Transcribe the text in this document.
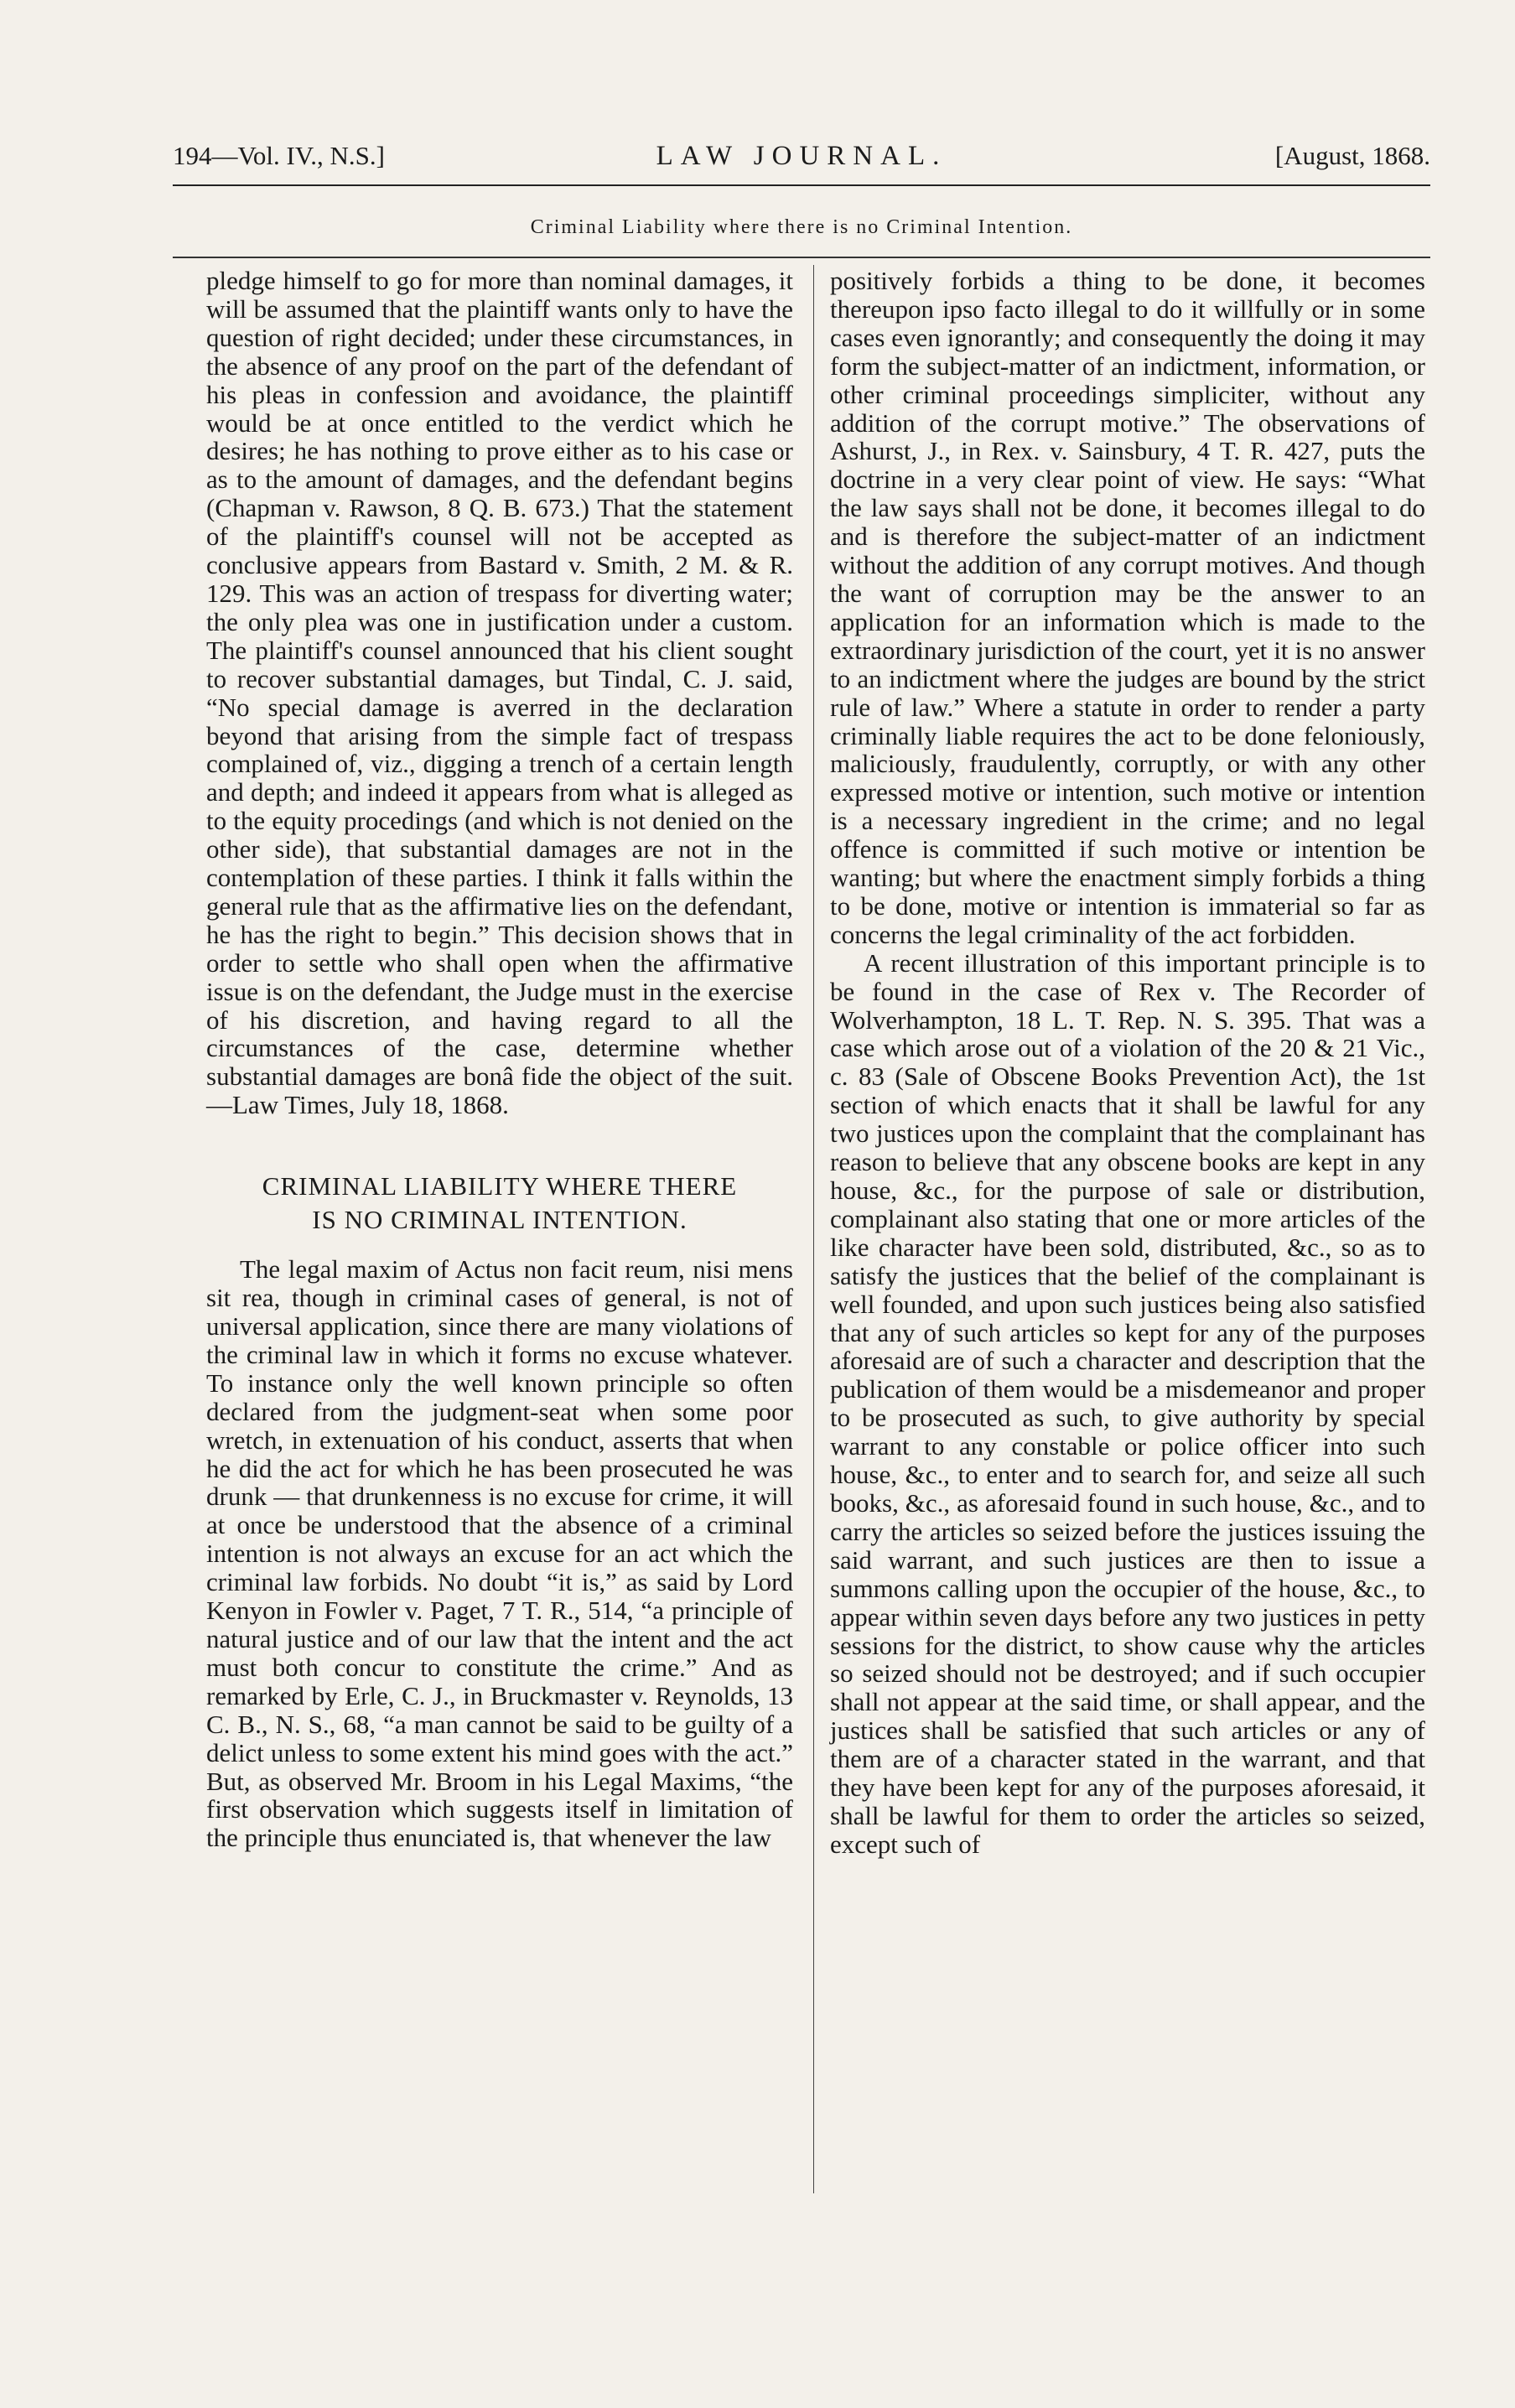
194—Vol. IV., N.S.]	LAW JOURNAL.	[August, 1868.
Criminal Liability where there is no Criminal Intention.

pledge himself to go for more than nominal damages, it will be assumed that the plaintiff wants only to have the question of right decided; under these circumstances, in the absence of any proof on the part of the defendant of his pleas in confession and avoidance, the plaintiff would be at once entitled to the verdict which he desires; he has nothing to prove either as to his case or as to the amount of damages, and the defendant begins (Chapman v. Rawson, 8 Q. B. 673.) That the statement of the plaintiff's counsel will not be accepted as conclusive appears from Bastard v. Smith, 2 M. & R. 129. This was an action of trespass for diverting water; the only plea was one in justification under a custom. The plaintiff's counsel announced that his client sought to recover substantial damages, but Tindal, C. J. said, “No special damage is averred in the declaration beyond that arising from the simple fact of trespass complained of, viz., digging a trench of a certain length and depth; and indeed it appears from what is alleged as to the equity procedings (and which is not denied on the other side), that substantial damages are not in the contemplation of these parties. I think it falls within the general rule that as the affirmative lies on the defendant, he has the right to begin.” This decision shows that in order to settle who shall open when the affirmative issue is on the defendant, the Judge must in the exercise of his discretion, and having regard to all the circumstances of the case, determine whether substantial damages are bonâ fide the object of the suit.—Law Times, July 18, 1868.

CRIMINAL LIABILITY WHERE THERE
IS NO CRIMINAL INTENTION.

The legal maxim of Actus non facit reum, nisi mens sit rea, though in criminal cases of general, is not of universal application, since there are many violations of the criminal law in which it forms no excuse whatever. To instance only the well known principle so often declared from the judgment-seat when some poor wretch, in extenuation of his conduct, asserts that when he did the act for which he has been prosecuted he was drunk — that drunkenness is no excuse for crime, it will at once be understood that the absence of a criminal intention is not always an excuse for an act which the criminal law forbids. No doubt “it is,” as said by Lord Kenyon in Fowler v. Paget, 7 T. R., 514, “a principle of natural justice and of our law that the intent and the act must both concur to constitute the crime.” And as remarked by Erle, C. J., in Bruckmaster v. Reynolds, 13 C. B., N. S., 68, “a man cannot be said to be guilty of a delict unless to some extent his mind goes with the act.” But, as observed Mr. Broom in his Legal Maxims, “the first observation which suggests itself in limitation of the principle thus enunciated is, that whenever the law

positively forbids a thing to be done, it becomes thereupon ipso facto illegal to do it willfully or in some cases even ignorantly; and consequently the doing it may form the subject-matter of an indictment, information, or other criminal proceedings simpliciter, without any addition of the corrupt motive.” The observations of Ashurst, J., in Rex. v. Sainsbury, 4 T. R. 427, puts the doctrine in a very clear point of view. He says: “What the law says shall not be done, it becomes illegal to do and is therefore the subject-matter of an indictment without the addition of any corrupt motives. And though the want of corruption may be the answer to an application for an information which is made to the extraordinary jurisdiction of the court, yet it is no answer to an indictment where the judges are bound by the strict rule of law.” Where a statute in order to render a party criminally liable requires the act to be done feloniously, maliciously, fraudulently, corruptly, or with any other expressed motive or intention, such motive or intention is a necessary ingredient in the crime; and no legal offence is committed if such motive or intention be wanting; but where the enactment simply forbids a thing to be done, motive or intention is immaterial so far as concerns the legal criminality of the act forbidden.

A recent illustration of this important principle is to be found in the case of Rex v. The Recorder of Wolverhampton, 18 L. T. Rep. N. S. 395. That was a case which arose out of a violation of the 20 & 21 Vic., c. 83 (Sale of Obscene Books Prevention Act), the 1st section of which enacts that it shall be lawful for any two justices upon the complaint that the complainant has reason to believe that any obscene books are kept in any house, &c., for the purpose of sale or distribution, complainant also stating that one or more articles of the like character have been sold, distributed, &c., so as to satisfy the justices that the belief of the complainant is well founded, and upon such justices being also satisfied that any of such articles so kept for any of the purposes aforesaid are of such a character and description that the publication of them would be a misdemeanor and proper to be prosecuted as such, to give authority by special warrant to any constable or police officer into such house, &c., to enter and to search for, and seize all such books, &c., as aforesaid found in such house, &c., and to carry the articles so seized before the justices issuing the said warrant, and such justices are then to issue a summons calling upon the occupier of the house, &c., to appear within seven days before any two justices in petty sessions for the district, to show cause why the articles so seized should not be destroyed; and if such occupier shall not appear at the said time, or shall appear, and the justices shall be satisfied that such articles or any of them are of a character stated in the warrant, and that they have been kept for any of the purposes aforesaid, it shall be lawful for them to order the articles so seized, except such of
